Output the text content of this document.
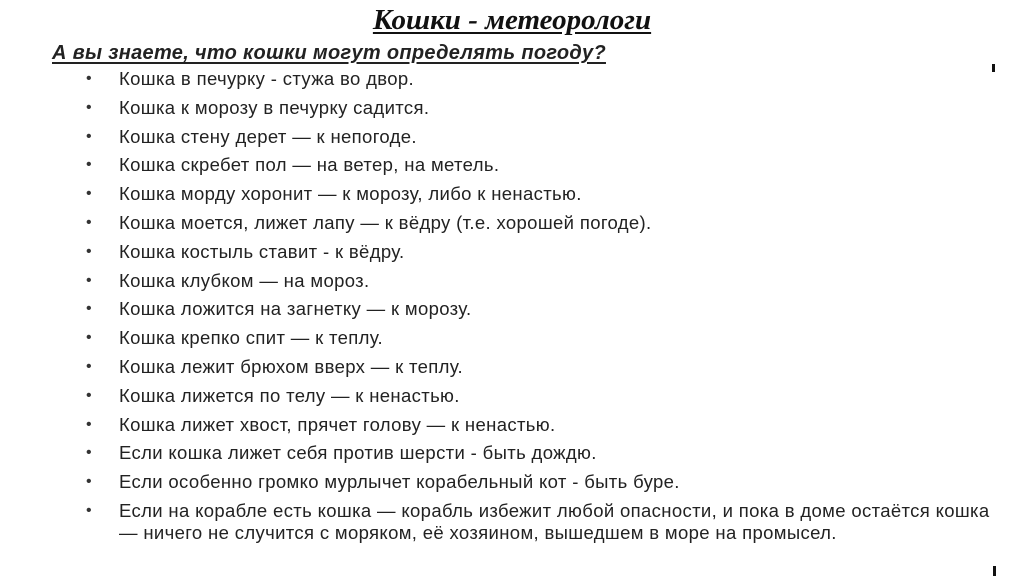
Кошки - метеорологи
А вы знаете, что кошки могут определять погоду?
•	Кошка в печурку - стужа во двор.
•	Кошка к морозу в печурку садится.
•	Кошка стену дерет — к непогоде.
•	Кошка скребет пол — на ветер, на метель.
•	Кошка морду хоронит — к морозу, либо к ненастью.
•	Кошка моется, лижет лапу — к вёдру (т.е. хорошей погоде).
•	Кошка костыль ставит - к вёдру.
•	Кошка клубком — на мороз.
•	Кошка ложится на загнетку — к морозу.
•	Кошка крепко спит — к теплу.
•	Кошка лежит брюхом вверх — к теплу.
•	Кошка лижется по телу — к ненастью.
•	Кошка лижет хвост, прячет голову — к ненастью.
•	Если кошка лижет себя против шерсти - быть дождю.
•	Если особенно громко мурлычет корабельный кот - быть буре.
•	Если на корабле есть кошка — корабль избежит любой опасности, и пока в доме остаётся кошка — ничего не случится с моряком, её хозяином, вышедшем в море на промысел.
